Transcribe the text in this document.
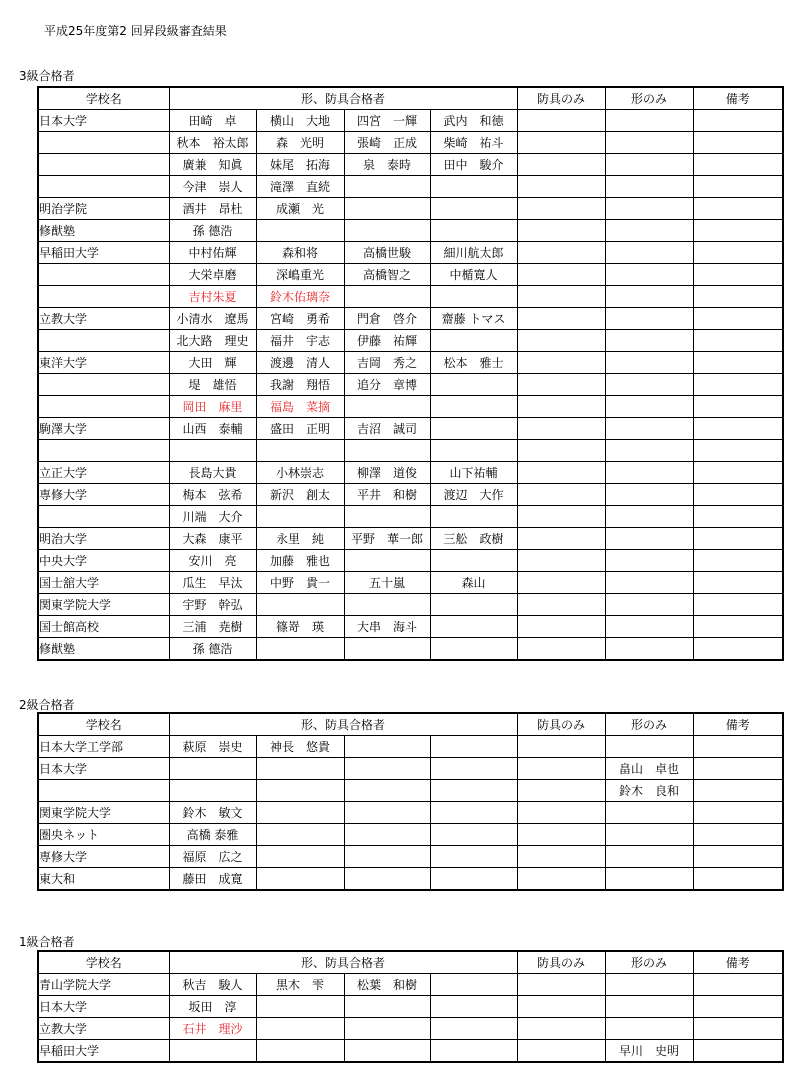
平成25年度第2 回昇段級審査結果
3級合格者
学校名	形、防具合格者				防具のみ	形のみ	備考
日本大学	田崎　卓	横山　大地	四宮　一輝	武内　和徳			
	秋本　裕太郎	森　光明	張崎　正成	柴崎　祐斗			
	廣兼　知眞	妹尾　拓海	泉　泰時	田中　駿介			
	今津　崇人	滝澤　直続					
明治学院	酒井　昂杜	成瀬　光					
修猷塾	孫 德浩						
早稲田大学	中村佑輝	森和将	高橋世駿	細川航太郎			
	大栄卓磨	深嶋重光	高橋智之	中楯寛人			
	吉村朱夏	鈴木佑璃奈					
立教大学	小清水　遼馬	宮崎　勇希	門倉　啓介	齋藤 トマス			
	北大路　理史	福井　宇志	伊藤　祐輝				
東洋大学	大田　輝	渡邊　清人	吉岡　秀之	松本　雅士			
	堤　雄悟	我謝　翔悟	追分　章博				
	岡田　麻里	福島　菜摘					
駒澤大学	山西　泰輔	盛田　正明	吉沼　誠司				

立正大学	長島大貴	小林崇志	柳澤　道俊	山下祐輔			
専修大学	梅本　弦希	新沢　創太	平井　和樹	渡辺　大作			
	川端　大介						
明治大学	大森　康平	永里　純	平野　華一郎	三舩　政樹			
中央大学	安川　亮	加藤　雅也					
国士舘大学	瓜生　早汰	中野　貴一	五十嵐	森山			
関東学院大学	宇野　幹弘						
国士館高校	三浦　尭樹	篠嵜　瑛	大串　海斗				
修猷塾	孫 德浩						
2級合格者
学校名	形、防具合格者				防具のみ	形のみ	備考
日本大学工学部	萩原　崇史	神長　悠貴					
日本大学						畠山　卓也	
						鈴木　良和	
関東学院大学	鈴木　敏文						
圏央ネット	高橋 泰雅						
専修大学	福原　広之						
東大和	藤田　成寛						
1級合格者
学校名	形、防具合格者				防具のみ	形のみ	備考
青山学院大学	秋吉　駿人	黒木　雫	松葉　和樹				
日本大学	坂田　淳						
立教大学	石井　理沙						
早稲田大学						早川　史明	
